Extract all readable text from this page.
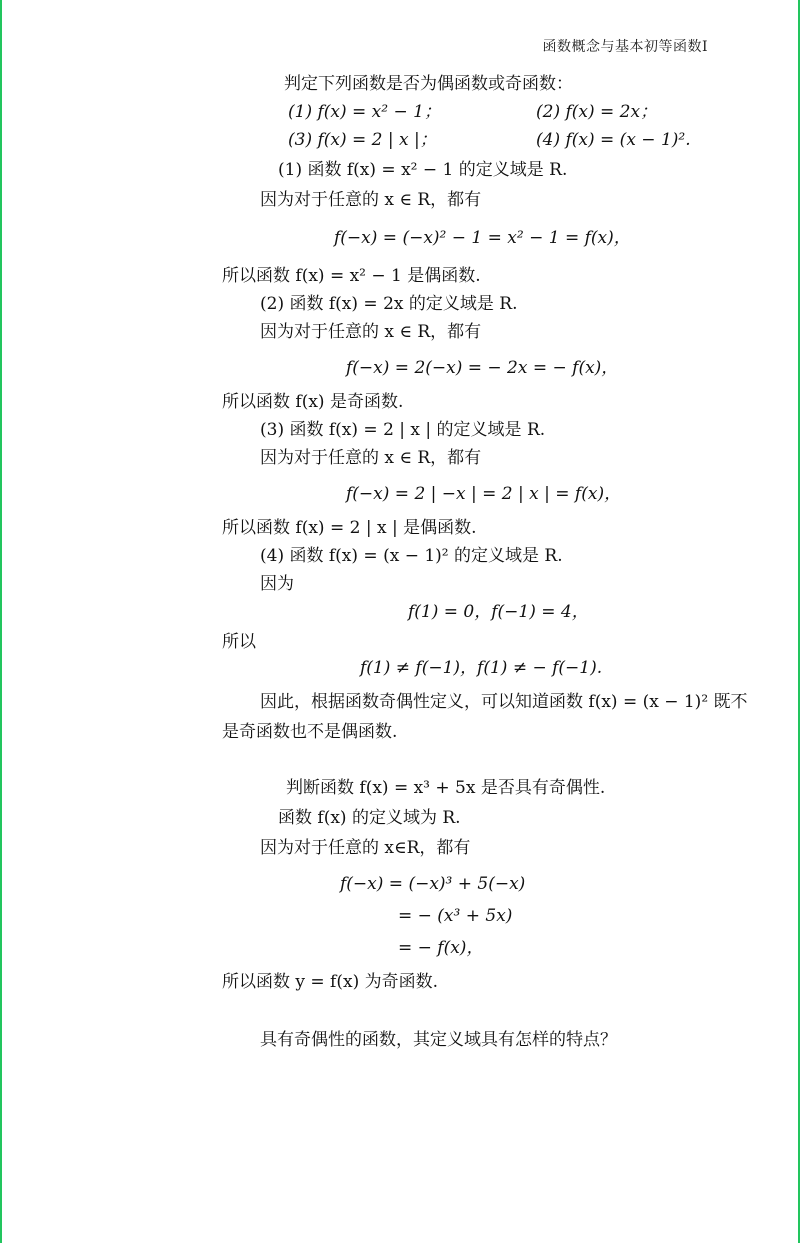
函数概念与基本初等函数Ⅰ
判定下列函数是否为偶函数或奇函数：
(1) f(x) = x² − 1；	(2) f(x) = 2x；
(3) f(x) = 2 | x |；	(4) f(x) = (x − 1)².
(1) 函数 f(x) = x² − 1 的定义域是 R.
因为对于任意的 x ∈ R，都有
f(−x) = (−x)² − 1 = x² − 1 = f(x)，
所以函数 f(x) = x² − 1 是偶函数.
(2) 函数 f(x) = 2x 的定义域是 R.
因为对于任意的 x ∈ R，都有
f(−x) = 2(−x) = − 2x = − f(x)，
所以函数 f(x) 是奇函数.
(3) 函数 f(x) = 2 | x | 的定义域是 R.
因为对于任意的 x ∈ R，都有
f(−x) = 2 | −x | = 2 | x | = f(x)，
所以函数 f(x) = 2 | x | 是偶函数.
(4) 函数 f(x) = (x − 1)² 的定义域是 R.
因为
f(1) = 0，f(−1) = 4，
所以
f(1) ≠ f(−1)，f(1) ≠ − f(−1).
因此，根据函数奇偶性定义，可以知道函数 f(x) = (x − 1)² 既不
是奇函数也不是偶函数.
判断函数 f(x) = x³ + 5x 是否具有奇偶性.
函数 f(x) 的定义域为 R.
因为对于任意的 x∈R，都有
f(−x) = (−x)³ + 5(−x)
= − (x³ + 5x)
= − f(x)，
所以函数 y = f(x) 为奇函数.
具有奇偶性的函数，其定义域具有怎样的特点？
